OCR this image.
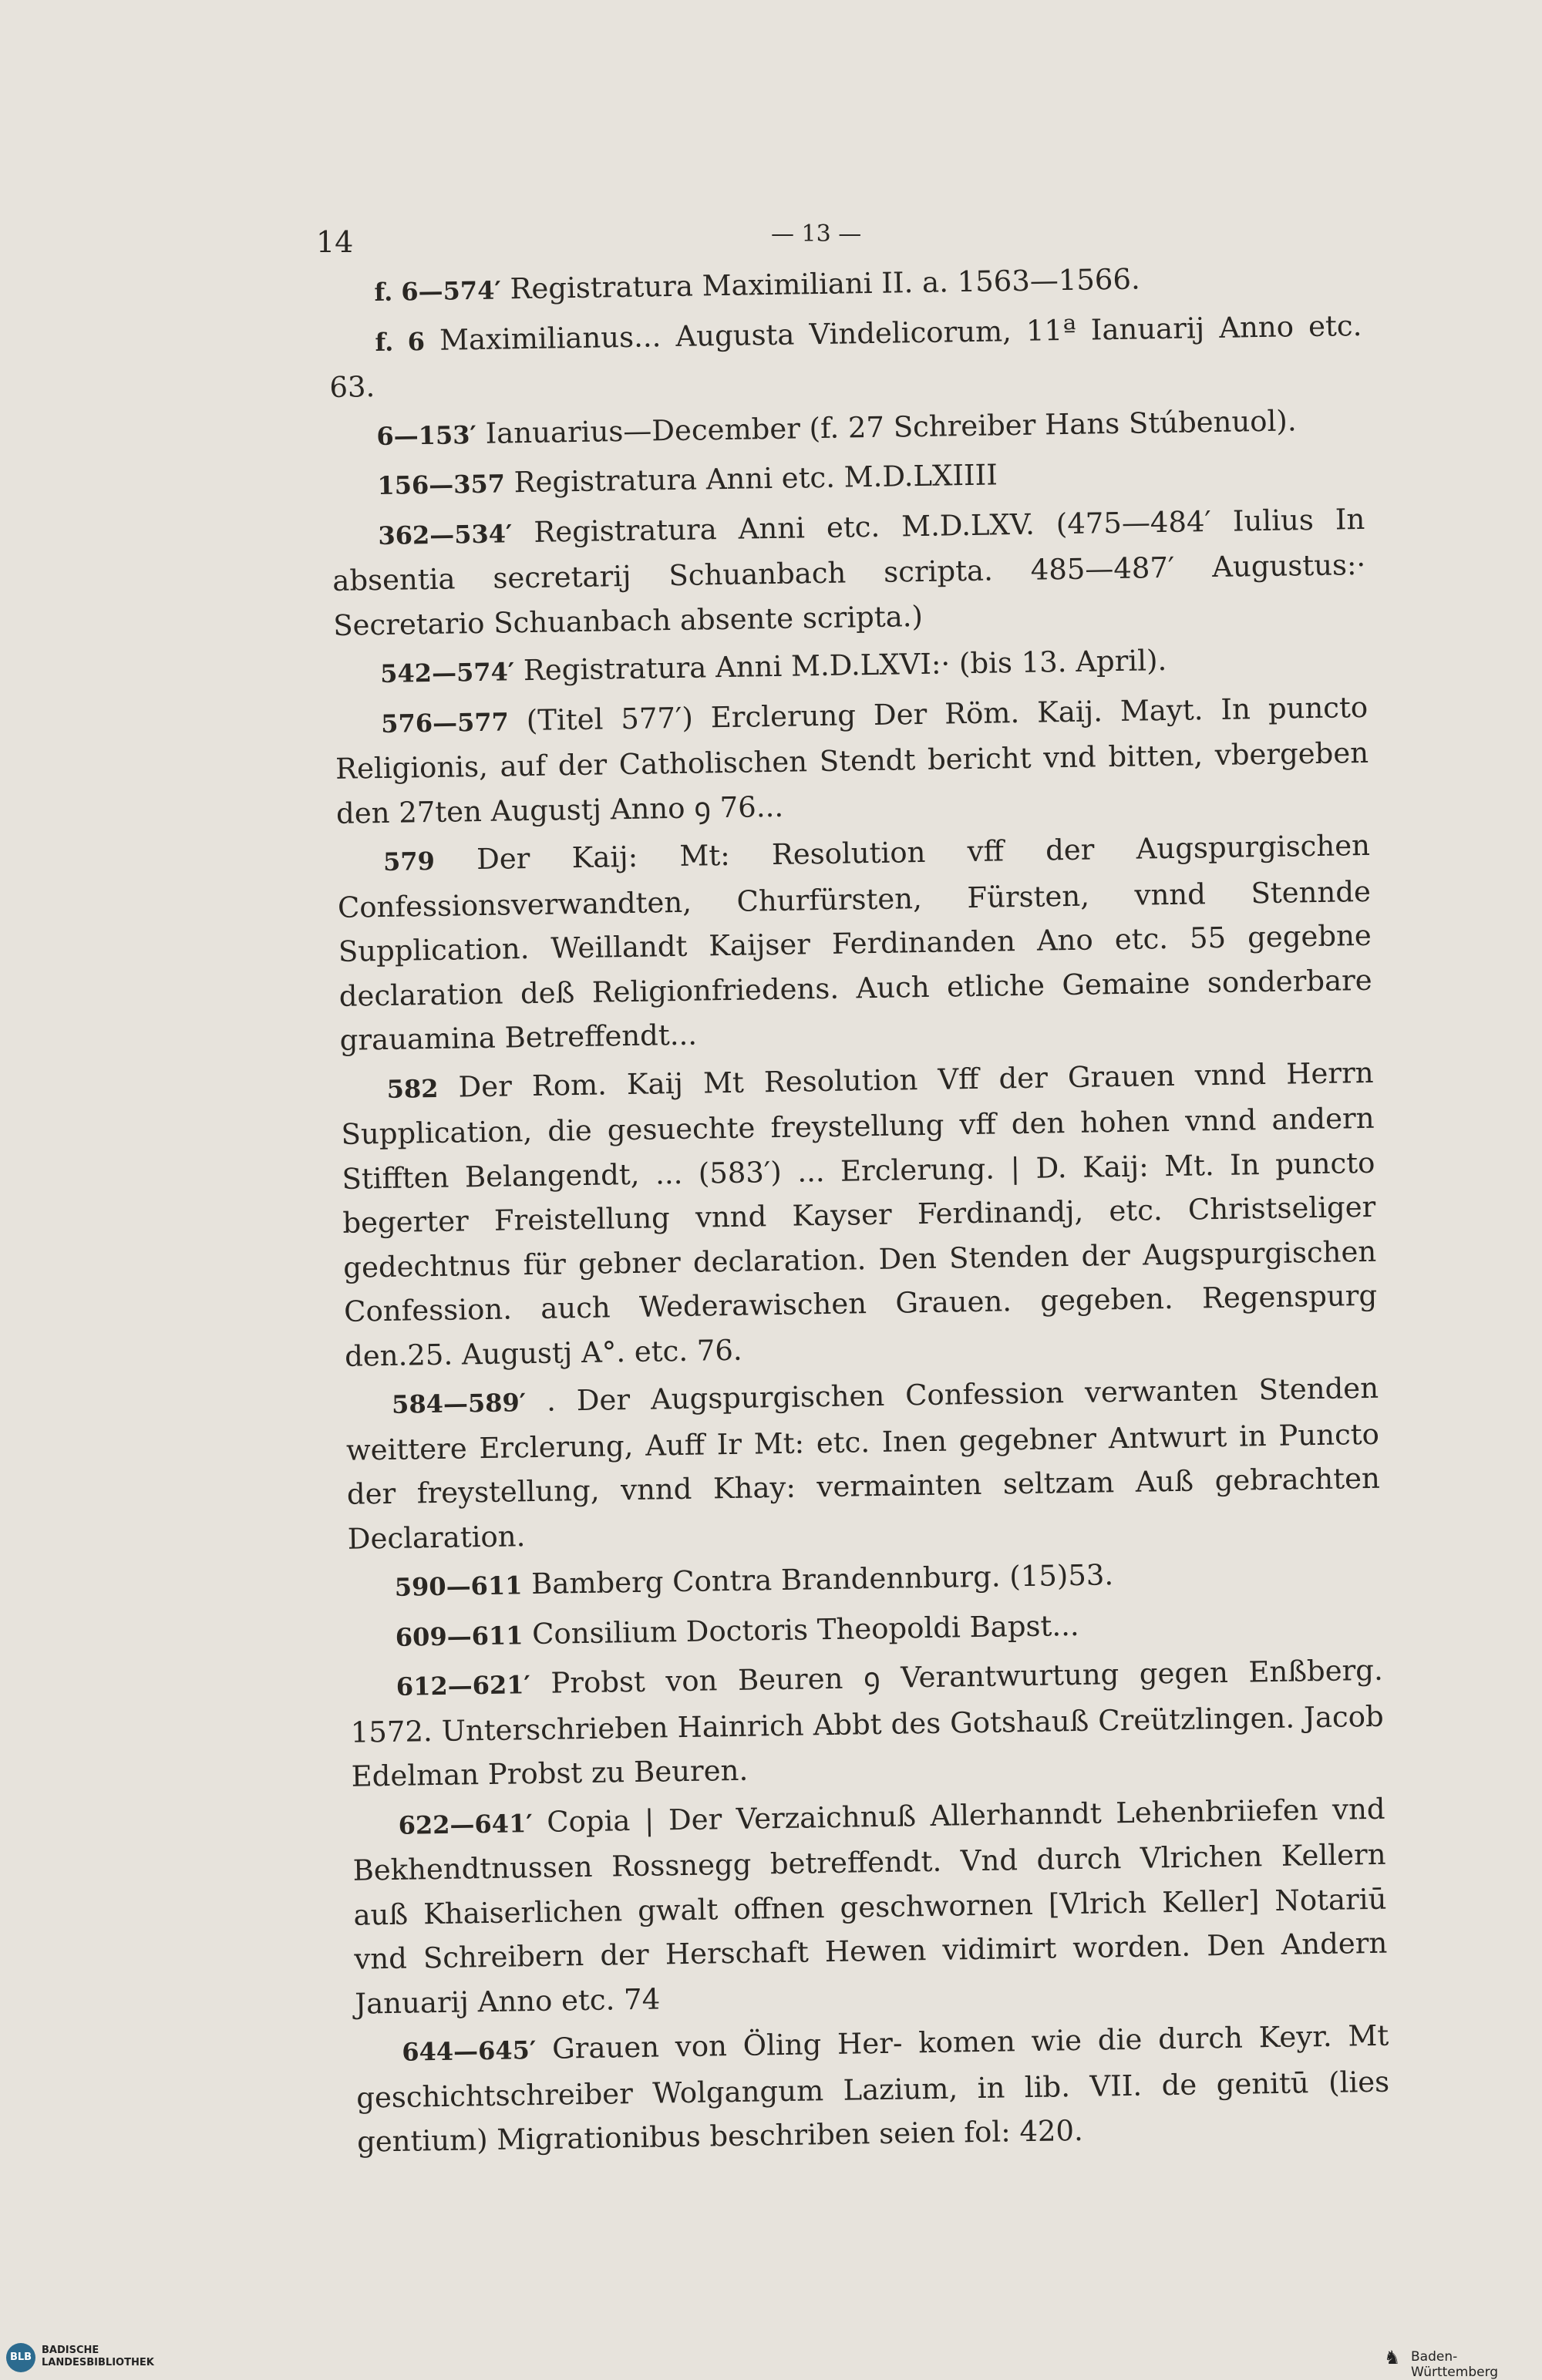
14	— 13 —

f. 6—574′ Registratura Maximiliani II. a. 1563—1566.

f. 6 Maximilianus... Augusta Vindelicorum, 11ª Ianuarij Anno etc. 63.

6—153′ Ianuarius—December (f. 27 Schreiber Hans Stúbenuol).

156—357 Registratura Anni etc. M.D.LXIIII

362—534′ Registratura Anni etc. M.D.LXV. (475—484′ Iulius In absentia secretarij Schuanbach scripta. 485—487′ Augustus:· Secretario Schuanbach absente scripta.)

542—574′ Registratura Anni M.D.LXVI:· (bis 13. April).

576—577 (Titel 577′) Erclerung Der Röm. Kaij. Mayt. In puncto Religionis, auf der Catholischen Stendt bericht vnd bitten, vbergeben den 27ten Augustj Anno ꝯ 76...

579 Der Kaij: Mt: Resolution vff der Augspurgischen Confessionsverwandten, Churfürsten, Fürsten, vnnd Stennde Supplication. Weillandt Kaijser Ferdinanden Ano etc. 55 gegebne declaration deß Religionfriedens. Auch etliche Gemaine sonderbare grauamina Betreffendt...

582 Der Rom. Kaij Mt Resolution Vff der Grauen vnnd Herrn Supplication, die gesuechte freystellung vff den hohen vnnd andern Stifften Belangendt, ... (583′) ... Erclerung. | D. Kaij: Mt. In puncto begerter Freistellung vnnd Kayser Ferdinandj, etc. Christseliger gedechtnus für gebner declaration. Den Stenden der Augspurgischen Confession. auch Wederawischen Grauen. gegeben. Regenspurg den.25. Augustj A°. etc. 76.

584—589′ . Der Augspurgischen Confession verwanten Stenden weittere Erclerung, Auff Ir Mt: etc. Inen gegebner Antwurt in Puncto der freystellung, vnnd Khay: vermainten seltzam Auß gebrachten Declaration.

590—611 Bamberg Contra Brandennburg. (15)53.

609—611 Consilium Doctoris Theopoldi Bapst...

612—621′ Probst von Beuren ꝯ Verantwurtung gegen Enßberg. 1572. Unterschrieben Hainrich Abbt des Gotshauß Creützlingen. Jacob Edelman Probst zu Beuren.

622—641′ Copia | Der Verzaichnuß Allerhanndt Lehenbriiefen vnd Bekhendtnussen Rossnegg betreffendt. Vnd durch Vlrichen Kellern auß Khaiserlichen gwalt offnen geschwornen [Vlrich Keller] Notariū vnd Schreibern der Herschaft Hewen vidimirt worden. Den Andern Januarij Anno etc. 74

644—645′ Grauen von Öling Her- komen wie die durch Keyr. Mt geschichtschreiber Wolgangum Lazium, in lib. VII. de genitū (lies gentium) Migrationibus beschriben seien fol: 420.

BLB
BADISCHE
LANDESBIBLIOTHEK	♞ Baden-Württemberg
